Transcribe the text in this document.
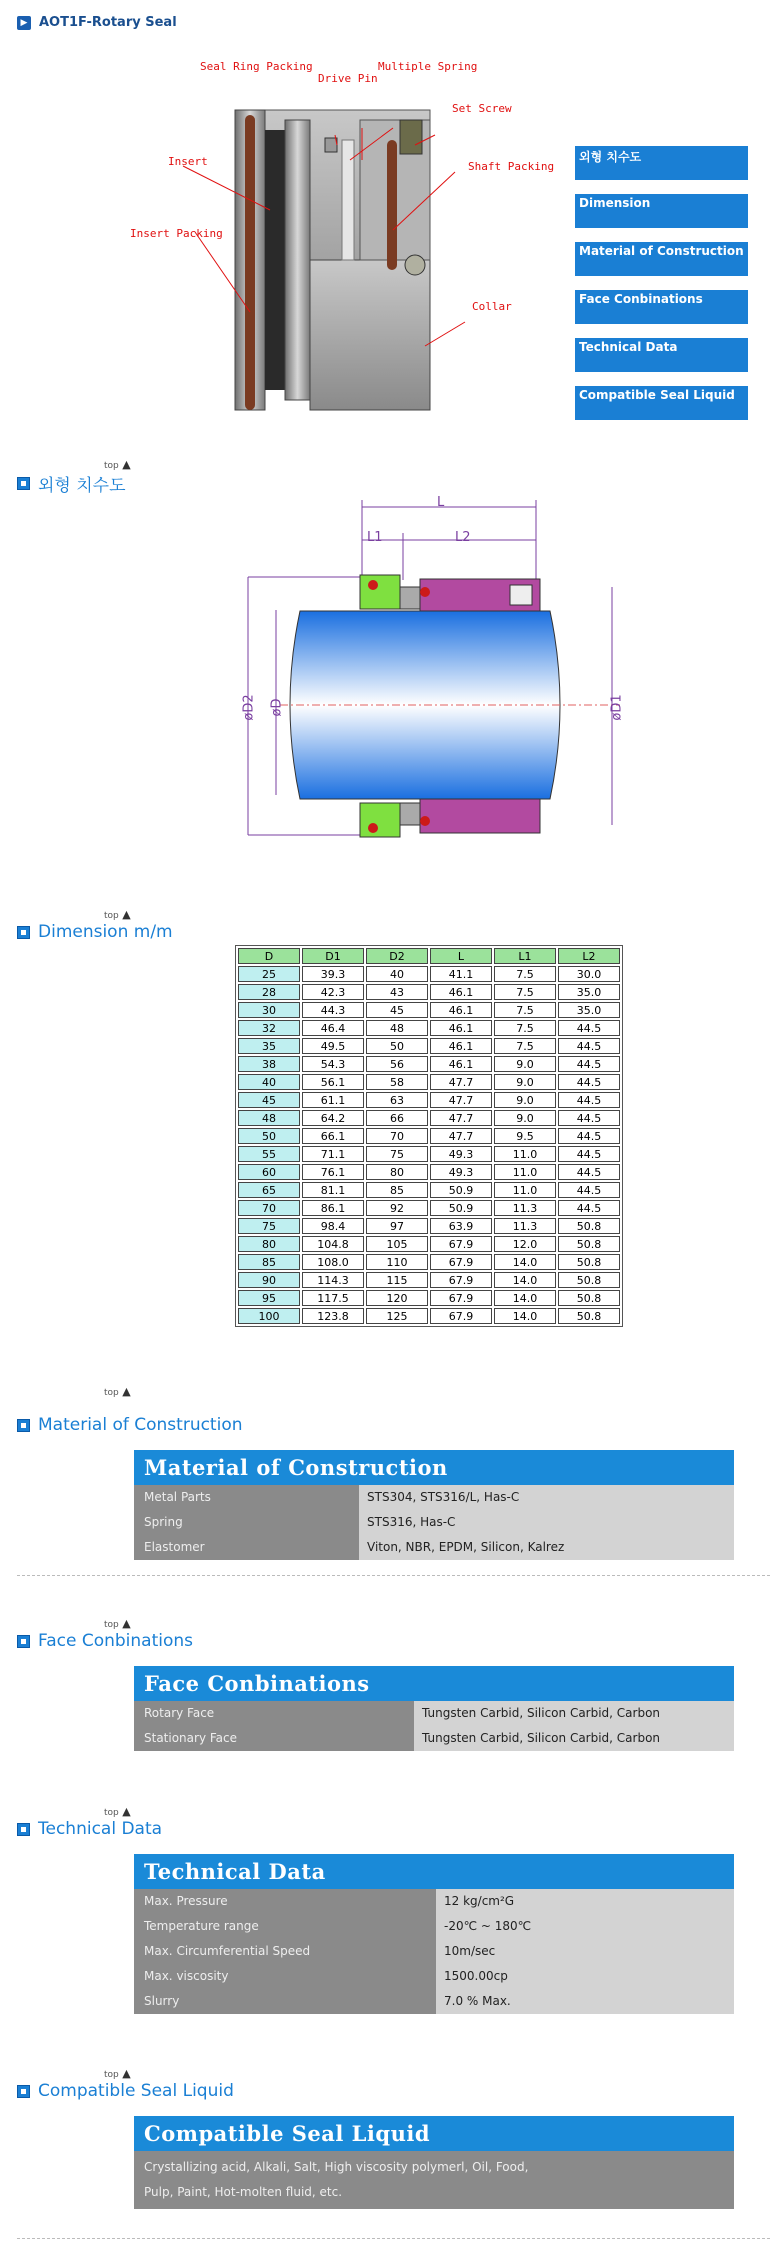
▶ AOT1F-Rotary Seal
Seal Ring Packing
Drive Pin
Multiple Spring
Set Screw
Insert	Shaft Packing
Insert Packing
Collar
외형 치수도
Dimension
Material of Construction
Face Conbinations
Technical Data
Compatible Seal Liquid
top ▲
외형 치수도
L
L1	L2
øD2 øD	øD1
top ▲
Dimension m/m
D	D1	D2	L	L1	L2
25	39.3	40	41.1	7.5	30.0
28	42.3	43	46.1	7.5	35.0
30	44.3	45	46.1	7.5	35.0
32	46.4	48	46.1	7.5	44.5
35	49.5	50	46.1	7.5	44.5
38	54.3	56	46.1	9.0	44.5
40	56.1	58	47.7	9.0	44.5
45	61.1	63	47.7	9.0	44.5
48	64.2	66	47.7	9.0	44.5
50	66.1	70	47.7	9.5	44.5
55	71.1	75	49.3	11.0	44.5
60	76.1	80	49.3	11.0	44.5
65	81.1	85	50.9	11.0	44.5
70	86.1	92	50.9	11.3	44.5
75	98.4	97	63.9	11.3	50.8
80	104.8	105	67.9	12.0	50.8
85	108.0	110	67.9	14.0	50.8
90	114.3	115	67.9	14.0	50.8
95	117.5	120	67.9	14.0	50.8
100	123.8	125	67.9	14.0	50.8
top ▲
Material of Construction
Material of Construction
Metal Parts	STS304, STS316/L, Has-C
Spring	STS316, Has-C
Elastomer	Viton, NBR, EPDM, Silicon, Kalrez
top ▲
Face Conbinations
Face Conbinations
Rotary Face	Tungsten Carbid, Silicon Carbid, Carbon
Stationary Face	Tungsten Carbid, Silicon Carbid, Carbon
top ▲
Technical Data
Technical Data
Max. Pressure	12 kg/cm²G
Temperature range	-20℃ ~ 180℃
Max. Circumferential Speed	10m/sec
Max. viscosity	1500.00cp
Slurry	7.0 % Max.
top ▲
Compatible Seal Liquid
Compatible Seal Liquid
Crystallizing acid, Alkali, Salt, High viscosity polymerl, Oil, Food,
Pulp, Paint, Hot-molten fluid, etc.
